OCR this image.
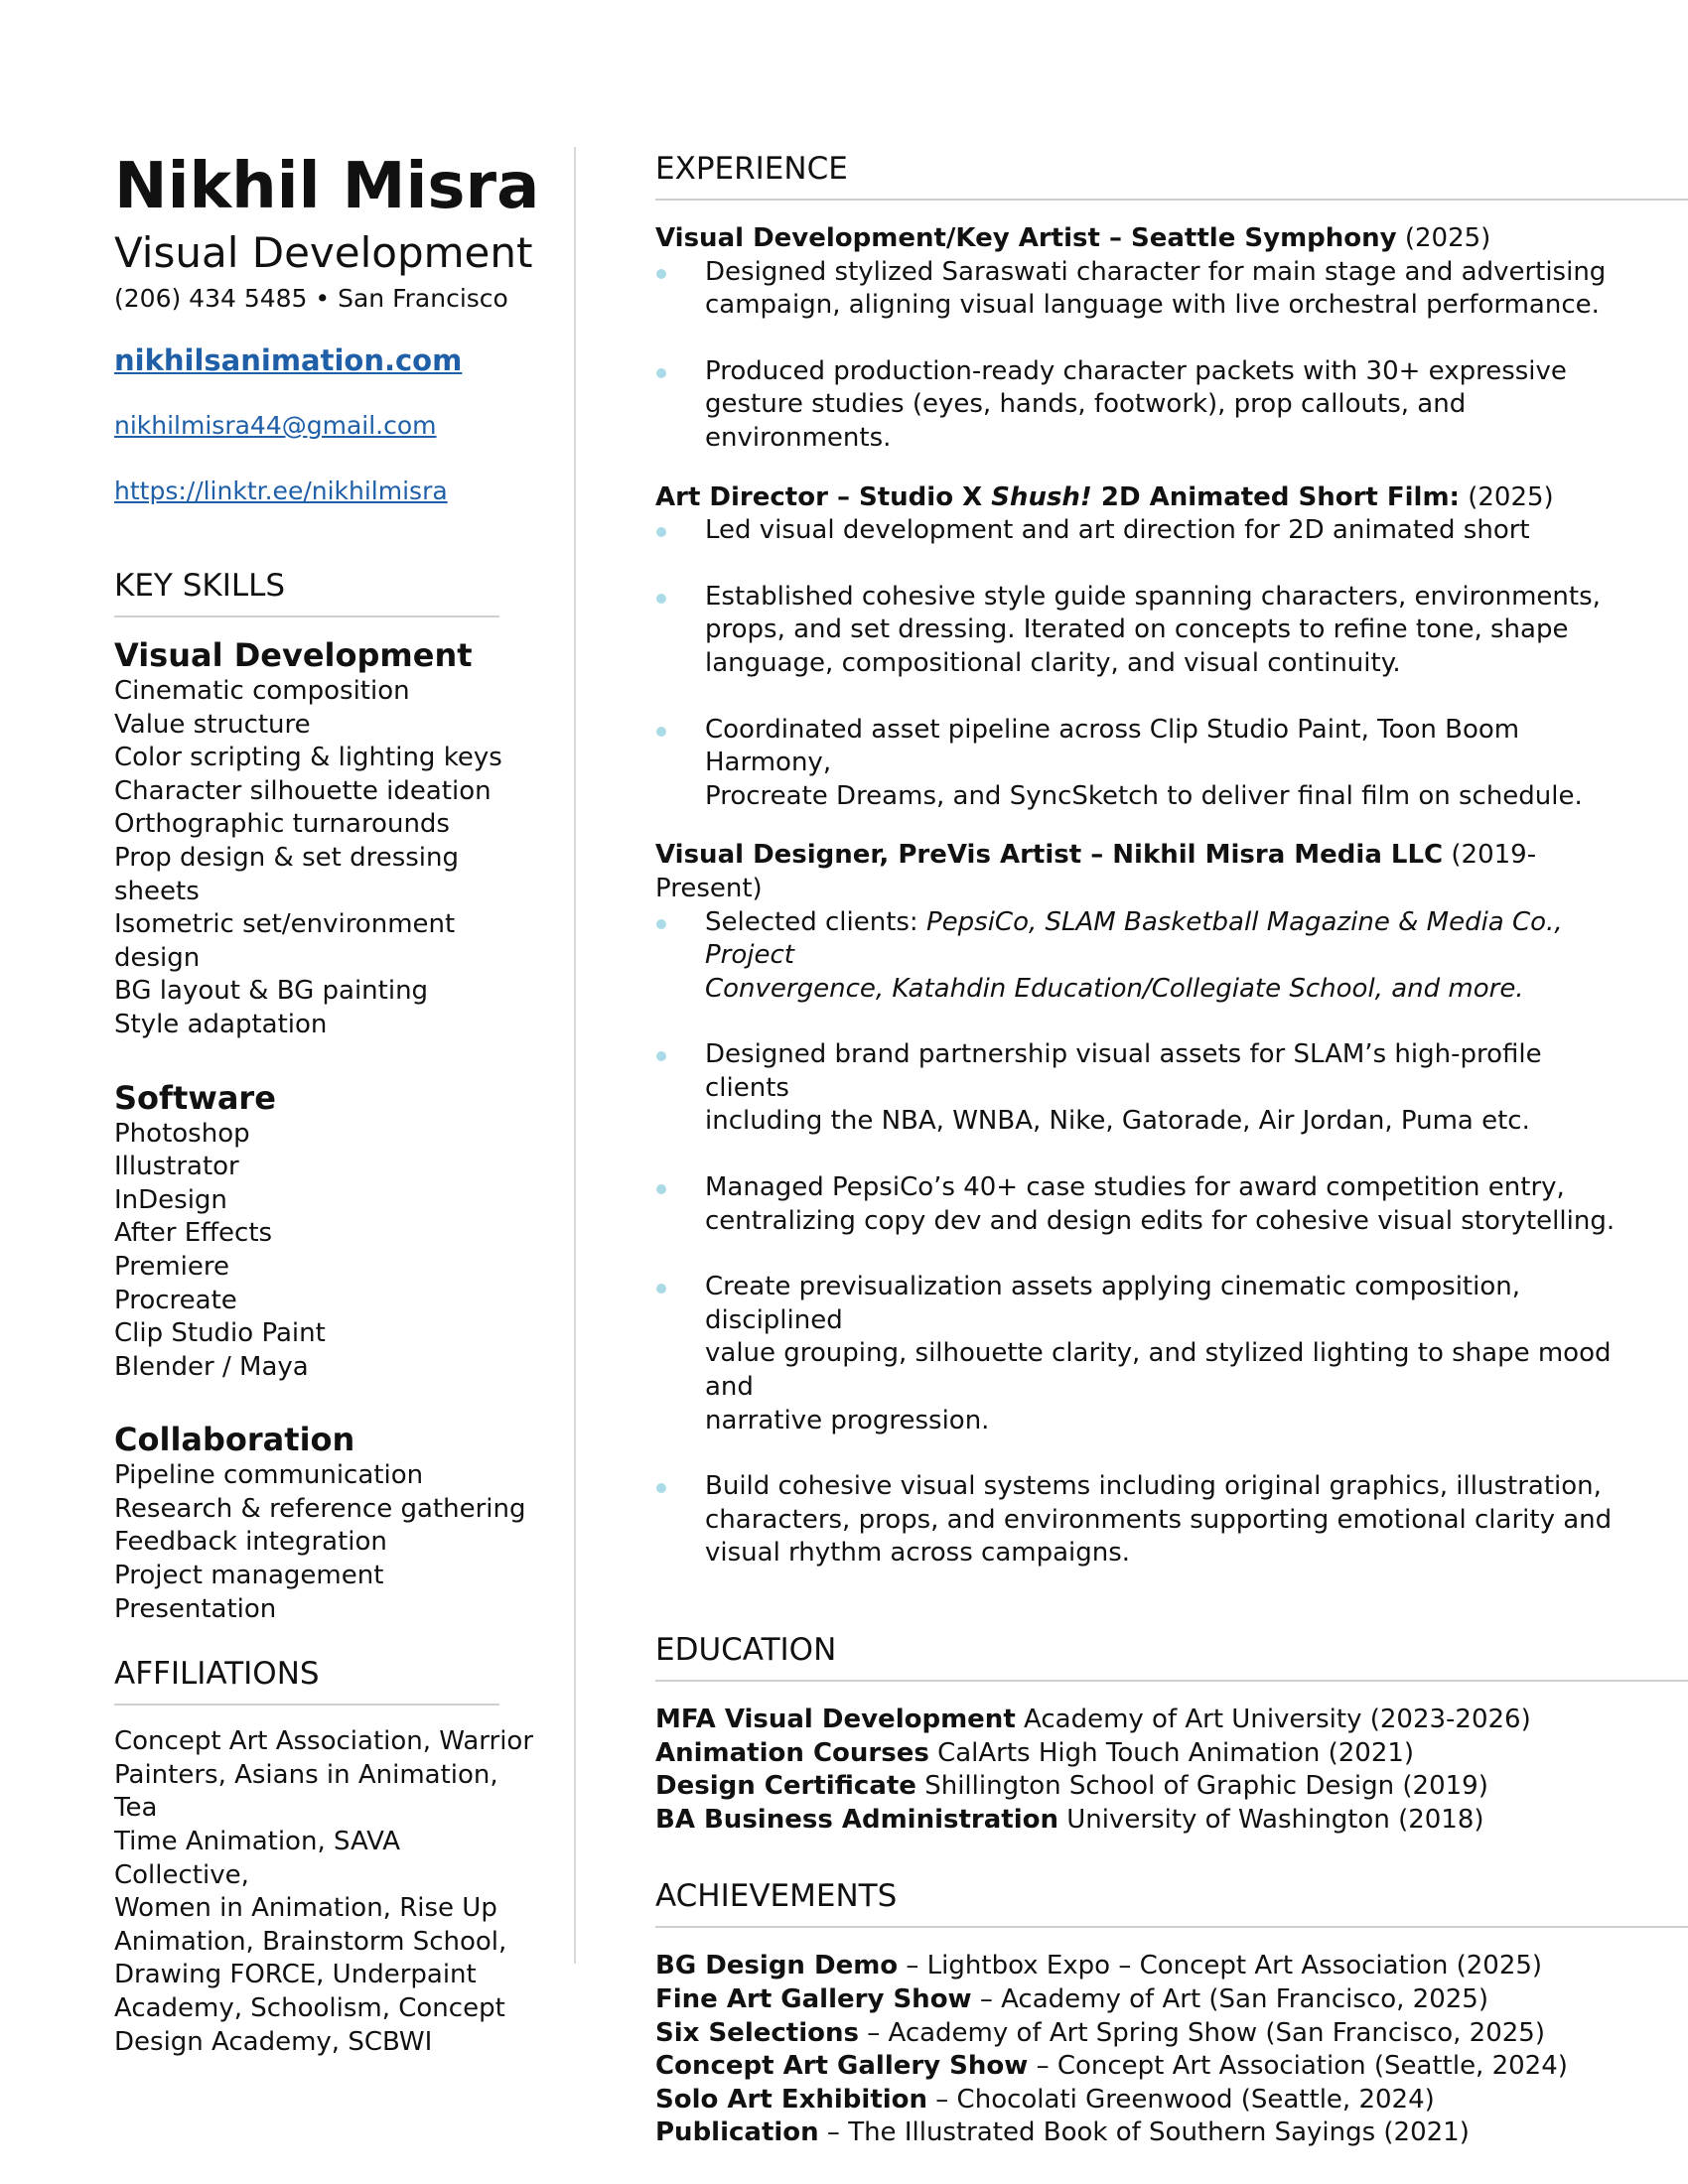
Nikhil Misra
Visual Development
(206) 434 5485 • San Francisco
nikhilsanimation.com
nikhilmisra44@gmail.com
https://linktr.ee/nikhilmisra
KEY SKILLS
Visual Development
Cinematic composition
Value structure
Color scripting & lighting keys
Character silhouette ideation
Orthographic turnarounds
Prop design & set dressing sheets
Isometric set/environment design
BG layout & BG painting
Style adaptation
Software
Photoshop
Illustrator
InDesign
After Effects
Premiere
Procreate
Clip Studio Paint
Blender / Maya
Collaboration
Pipeline communication
Research & reference gathering
Feedback integration
Project management
Presentation
AFFILIATIONS
Concept Art Association, Warrior
Painters, Asians in Animation, Tea
Time Animation, SAVA Collective,
Women in Animation, Rise Up
Animation, Brainstorm School,
Drawing FORCE, Underpaint
Academy, Schoolism, Concept
Design Academy, SCBWI
EXPERIENCE
Visual Development/Key Artist – Seattle Symphony (2025)
Designed stylized Saraswati character for main stage and advertising
campaign, aligning visual language with live orchestral performance.
Produced production-ready character packets with 30+ expressive
gesture studies (eyes, hands, footwork), prop callouts, and environments.
Art Director – Studio X Shush! 2D Animated Short Film: (2025)
Led visual development and art direction for 2D animated short
Established cohesive style guide spanning characters, environments,
props, and set dressing. Iterated on concepts to refine tone, shape
language, compositional clarity, and visual continuity.
Coordinated asset pipeline across Clip Studio Paint, Toon Boom Harmony,
Procreate Dreams, and SyncSketch to deliver final film on schedule.
Visual Designer, PreVis Artist – Nikhil Misra Media LLC (2019-Present)
Selected clients: PepsiCo, SLAM Basketball Magazine & Media Co., Project
Convergence, Katahdin Education/Collegiate School, and more.
Designed brand partnership visual assets for SLAM’s high-profile clients
including the NBA, WNBA, Nike, Gatorade, Air Jordan, Puma etc.
Managed PepsiCo’s 40+ case studies for award competition entry,
centralizing copy dev and design edits for cohesive visual storytelling.
Create previsualization assets applying cinematic composition, disciplined
value grouping, silhouette clarity, and stylized lighting to shape mood and
narrative progression.
Build cohesive visual systems including original graphics, illustration,
characters, props, and environments supporting emotional clarity and
visual rhythm across campaigns.
EDUCATION
MFA Visual Development Academy of Art University (2023-2026)
Animation Courses CalArts High Touch Animation (2021)
Design Certificate Shillington School of Graphic Design (2019)
BA Business Administration University of Washington (2018)
ACHIEVEMENTS
BG Design Demo – Lightbox Expo – Concept Art Association (2025)
Fine Art Gallery Show – Academy of Art (San Francisco, 2025)
Six Selections – Academy of Art Spring Show (San Francisco, 2025)
Concept Art Gallery Show – Concept Art Association (Seattle, 2024)
Solo Art Exhibition – Chocolati Greenwood (Seattle, 2024)
Publication – The Illustrated Book of Southern Sayings (2021)
